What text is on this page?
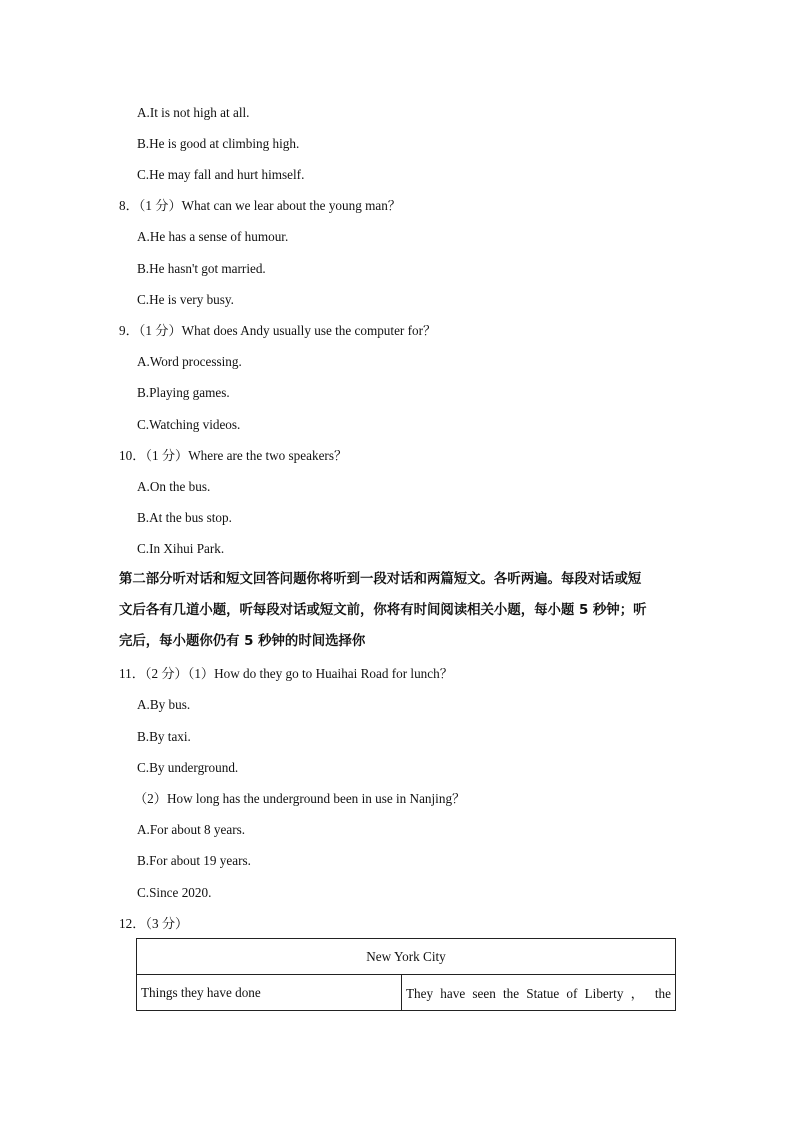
A.It is not high at all.
B.He is good at climbing high.
C.He may fall and hurt himself.
8．（1 分）What can we lear about the young man？
A.He has a sense of humour.
B.He hasn't got married.
C.He is very busy.
9．（1 分）What does Andy usually use the computer for？
A.Word processing.
B.Playing games.
C.Watching videos.
10．（1 分）Where are the two speakers？
A.On the bus.
B.At the bus stop.
C.In Xihui Park.
第二部分听对话和短文回答问题你将听到一段对话和两篇短文。各听两遍。每段对话或短
文后各有几道小题，听每段对话或短文前，你将有时间阅读相关小题，每小题 5 秒钟；听
完后，每小题你仍有 5 秒钟的时间选择你
11．（2 分）（1）How do they go to Huaihai Road for lunch？
A.By bus.
B.By taxi.
C.By underground.
（2）How long has the underground been in use in Nanjing？
A.For about 8 years.
B.For about 19 years.
C.Since 2020.
12．（3 分）
New York City
Things they have done	They have seen the Statue of Liberty ， the
